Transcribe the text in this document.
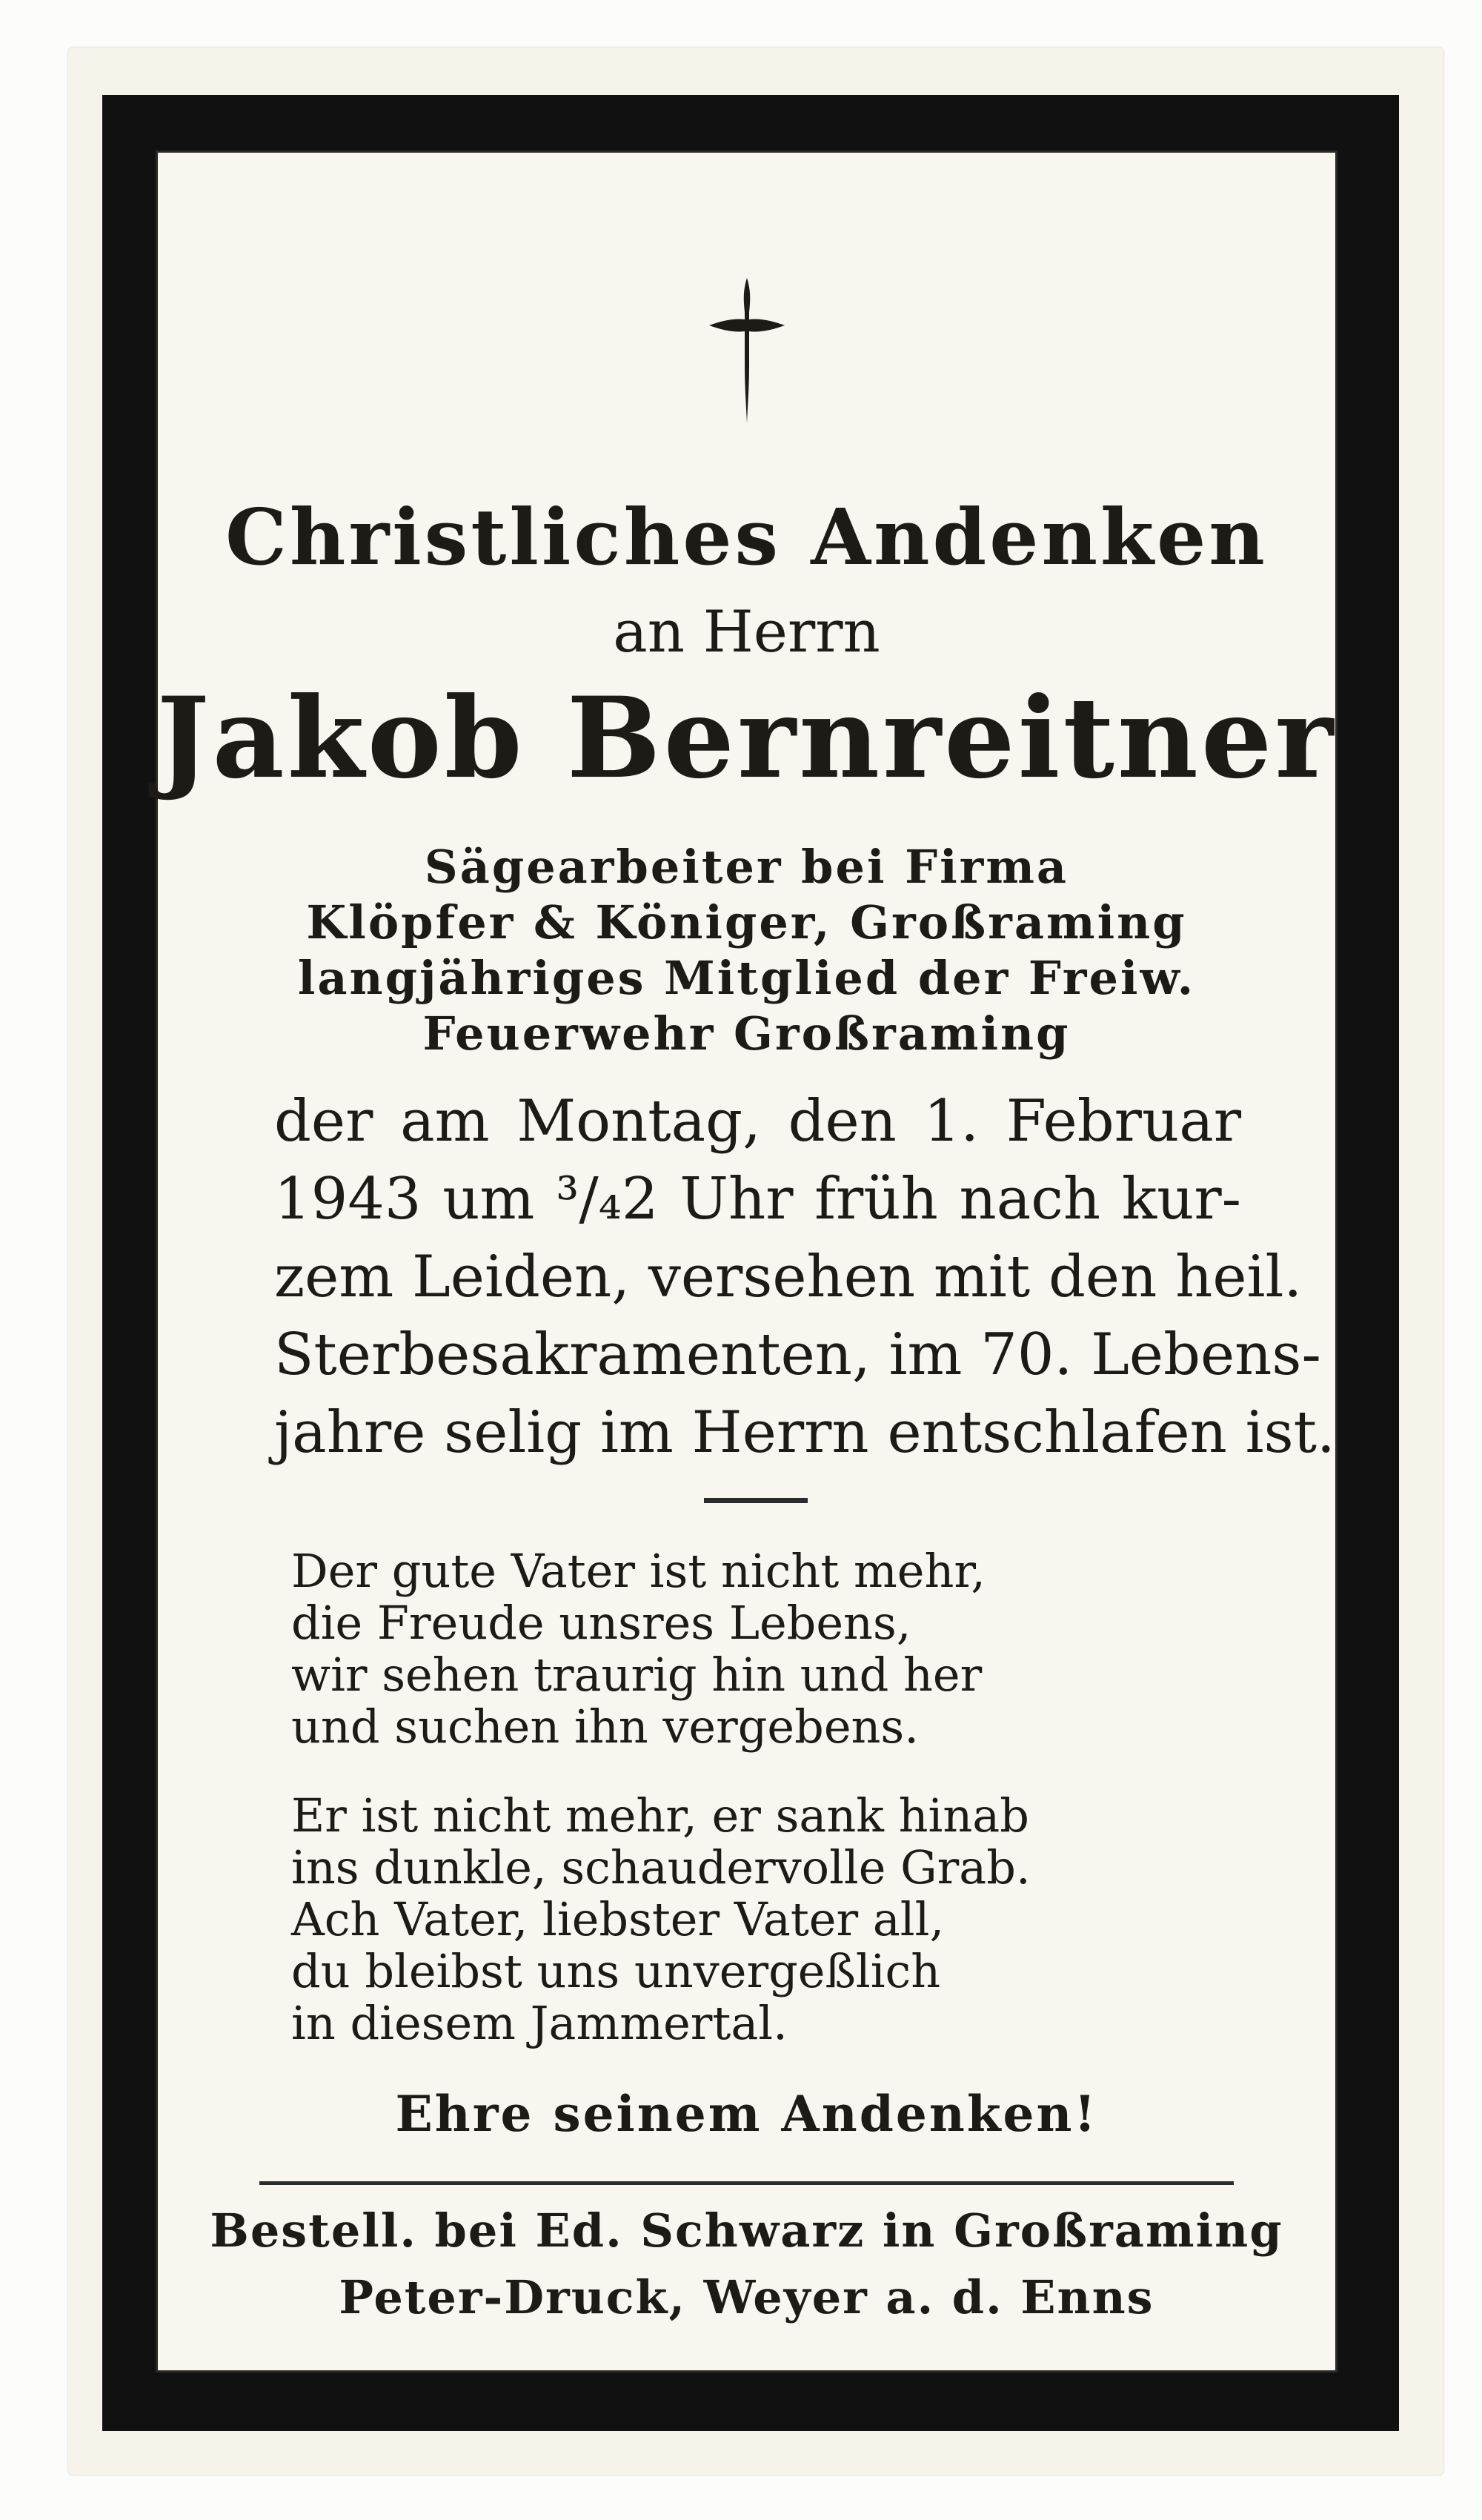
Christliches Andenken
an Herrn
Jakob Bernreitner
Sägearbeiter bei Firma
Klöpfer & Königer, Großraming
langjähriges Mitglied der Freiw.
Feuerwehr Großraming
der am Montag, den 1. Februar
1943 um ³/₄2 Uhr früh nach kur-
zem Leiden, versehen mit den heil.
Sterbesakramenten, im 70. Lebens-
jahre selig im Herrn entschlafen ist.
Der gute Vater ist nicht mehr,
die Freude unsres Lebens,
wir sehen traurig hin und her
und suchen ihn vergebens.
Er ist nicht mehr, er sank hinab
ins dunkle, schaudervolle Grab.
Ach Vater, liebster Vater all,
du bleibst uns unvergeßlich
in diesem Jammertal.
Ehre seinem Andenken!
Bestell. bei Ed. Schwarz in Großraming
Peter-Druck, Weyer a. d. Enns
